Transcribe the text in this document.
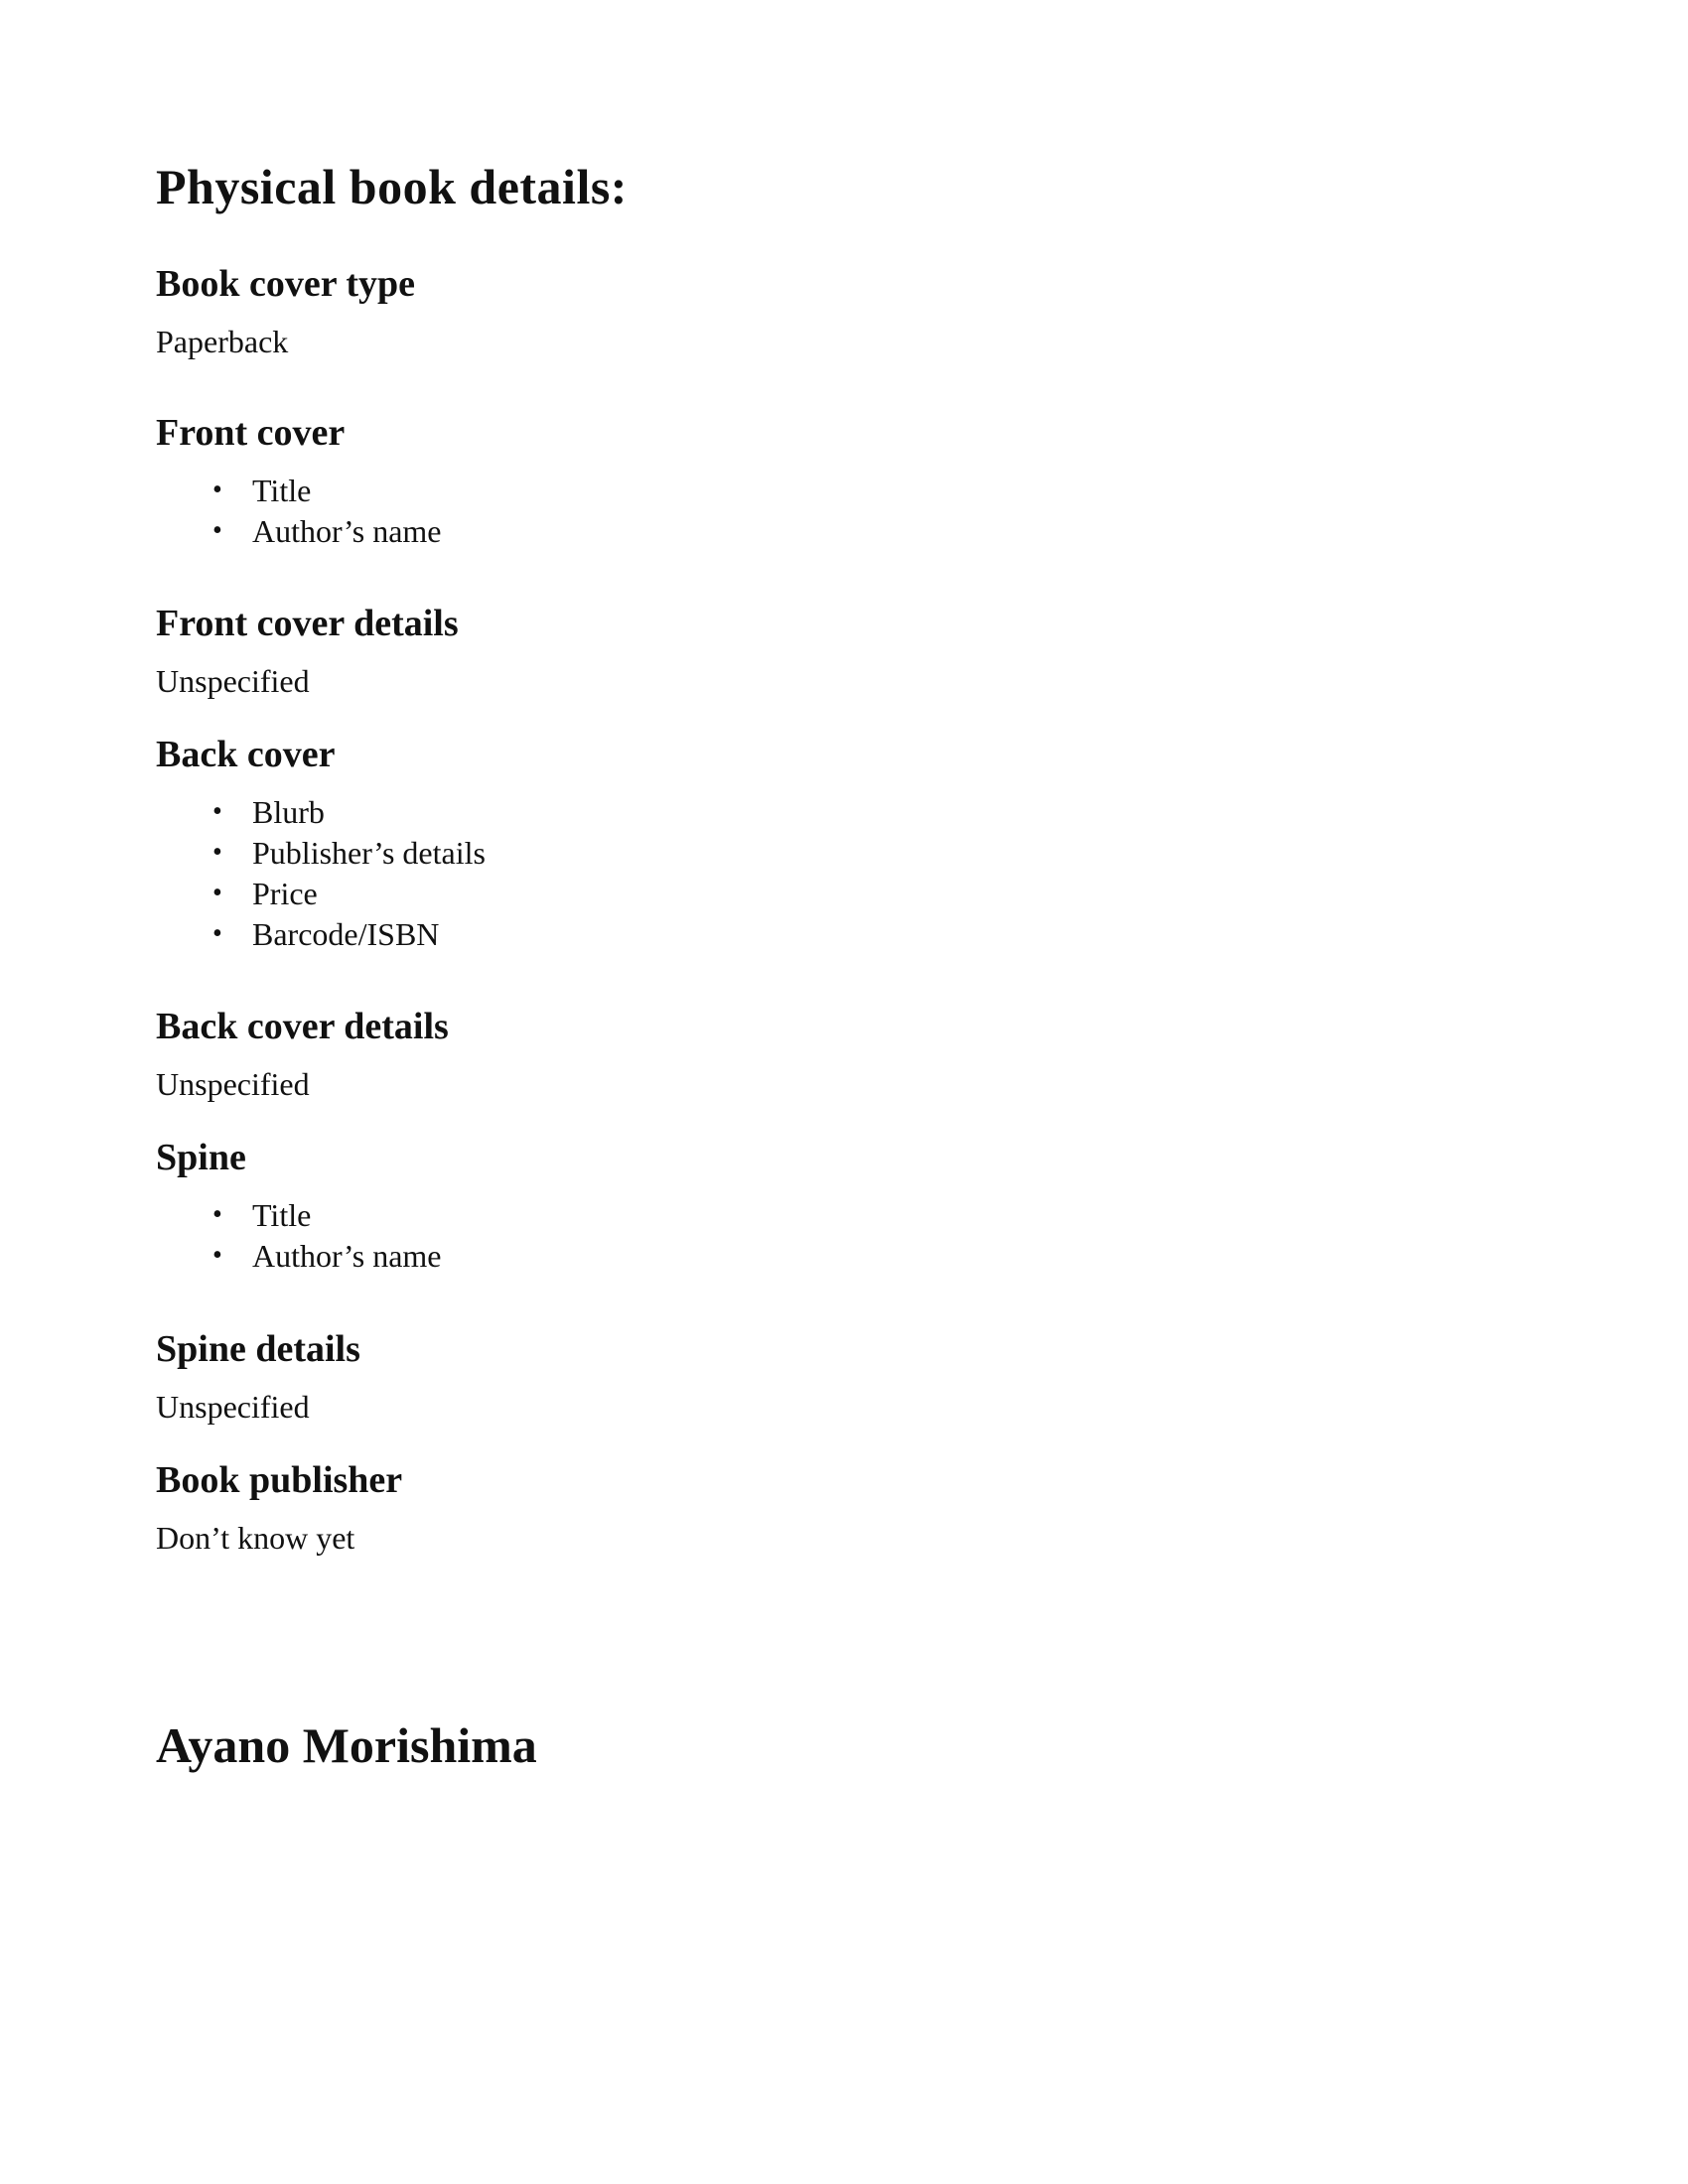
Physical book details:
Book cover type

Paperback

Front cover
• Title
• Author’s name
Front cover details

Unspecified

Back cover
• Blurb
• Publisher’s details
• Price
• Barcode/ISBN
Back cover details

Unspecified

Spine
• Title
• Author’s name
Spine details

Unspecified

Book publisher

Don’t know yet

Ayano Morishima
